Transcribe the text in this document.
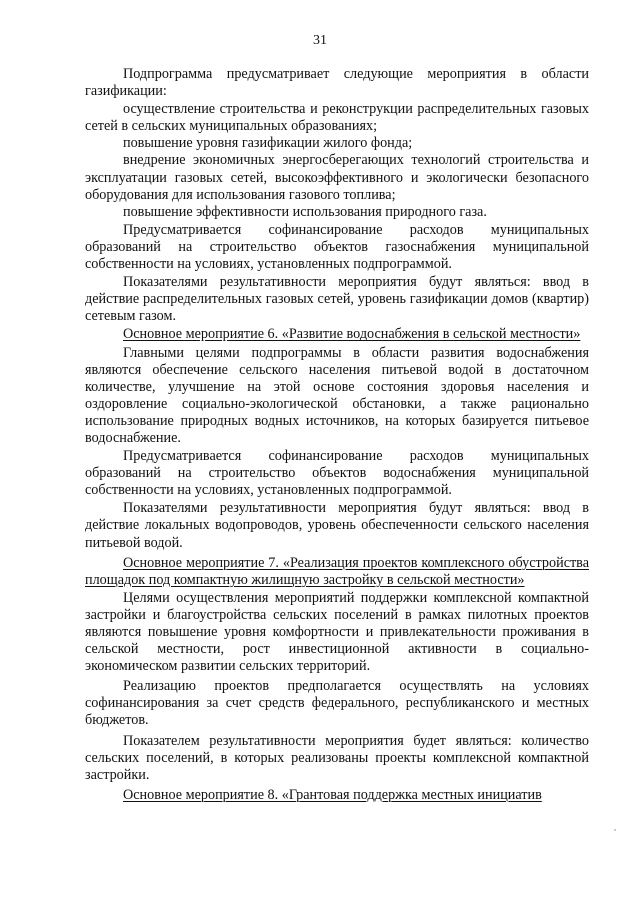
31

Подпрограмма предусматривает следующие мероприятия в области газификации:

осуществление строительства и реконструкции распределительных газовых сетей в сельских муниципальных образованиях;

повышение уровня газификации жилого фонда;

внедрение экономичных энергосберегающих технологий строительства и эксплуатации газовых сетей, высокоэффективного и экологически безопасного оборудования для использования газового топлива;

повышение эффективности использования природного газа.

Предусматривается софинансирование расходов муниципальных образований на строительство объектов газоснабжения муниципальной собственности на условиях, установленных подпрограммой.

Показателями результативности мероприятия будут являться: ввод в действие распределительных газовых сетей, уровень газификации домов (квартир) сетевым газом.

Основное мероприятие 6. «Развитие водоснабжения в сельской местности»

Главными целями подпрограммы в области развития водоснабжения являются обеспечение сельского населения питьевой водой в достаточном количестве, улучшение на этой основе состояния здоровья населения и оздоровление социально-экологической обстановки, а также рационально использование природных водных источников, на которых базируется питьевое водоснабжение.

Предусматривается софинансирование расходов муниципальных образований на строительство объектов водоснабжения муниципальной собственности на условиях, установленных подпрограммой.

Показателями результативности мероприятия будут являться: ввод в действие локальных водопроводов, уровень обеспеченности сельского населения питьевой водой.

Основное мероприятие 7. «Реализация проектов комплексного обустройства площадок под компактную жилищную застройку в сельской местности»

Целями осуществления мероприятий поддержки комплексной компактной застройки и благоустройства сельских поселений в рамках пилотных проектов являются повышение уровня комфортности и привлекательности проживания в сельской местности, рост инвестиционной активности в социально-экономическом развитии сельских территорий.

Реализацию проектов предполагается осуществлять на условиях софинансирования за счет средств федерального, республиканского и местных бюджетов.

Показателем результативности мероприятия будет являться: количество сельских поселений, в которых реализованы проекты комплексной компактной застройки.

Основное мероприятие 8. «Грантовая поддержка местных инициатив
